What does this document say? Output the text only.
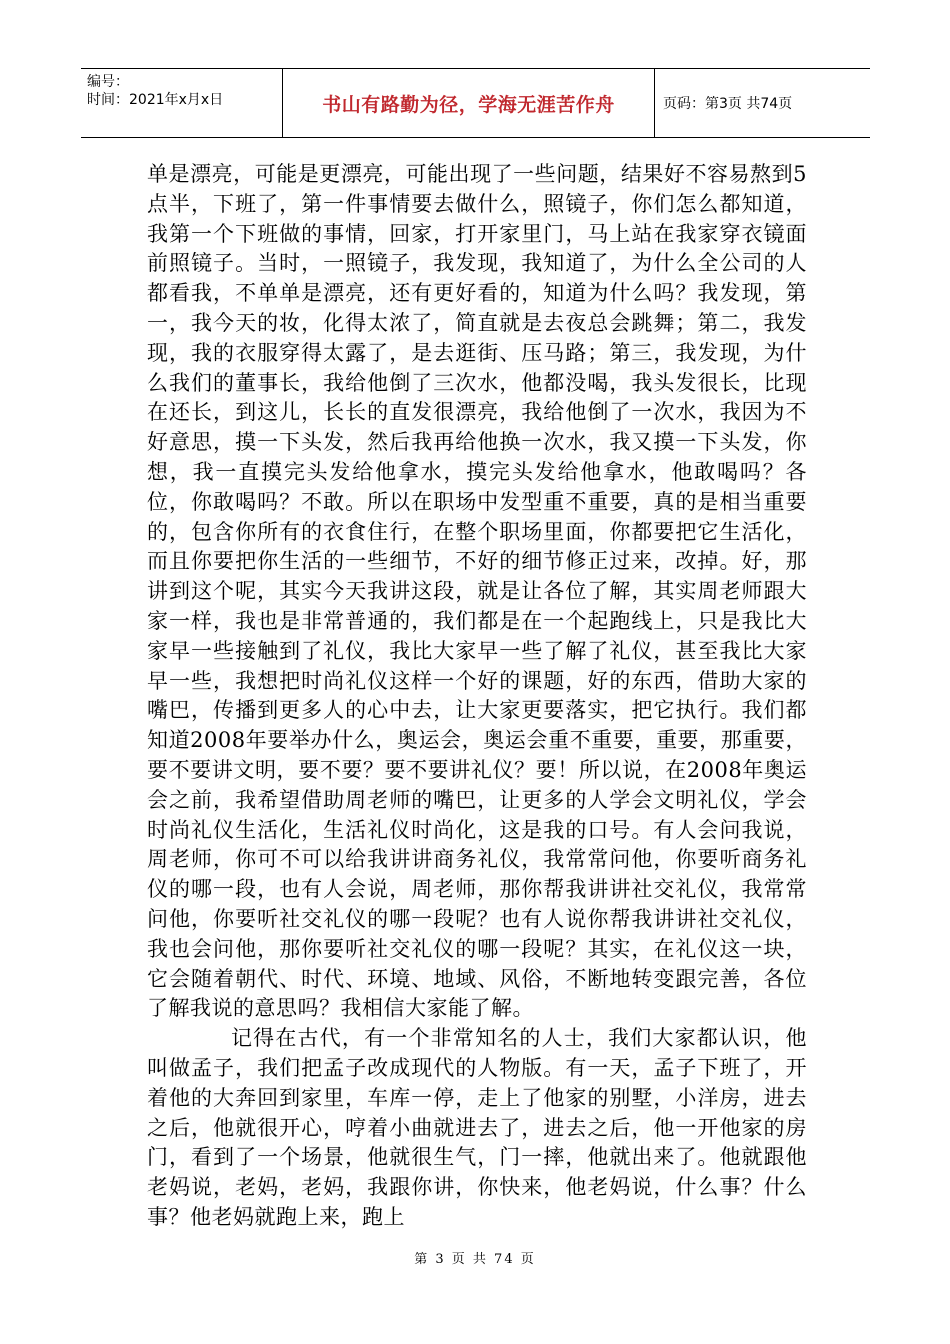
编号：
时间：2021年x月x日	书山有路勤为径，学海无涯苦作舟	页码：第3页 共74页

单是漂亮，可能是更漂亮，可能出现了一些问题，结果好不容易熬到5点半，下班了，第一件事情要去做什么，照镜子，你们怎么都知道，我第一个下班做的事情，回家，打开家里门，马上站在我家穿衣镜面前照镜子。当时，一照镜子，我发现，我知道了，为什么全公司的人都看我，不单单是漂亮，还有更好看的，知道为什么吗？我发现，第一，我今天的妆，化得太浓了，简直就是去夜总会跳舞；第二，我发现，我的衣服穿得太露了，是去逛街、压马路；第三，我发现，为什么我们的董事长，我给他倒了三次水，他都没喝，我头发很长，比现在还长，到这儿，长长的直发很漂亮，我给他倒了一次水，我因为不好意思，摸一下头发，然后我再给他换一次水，我又摸一下头发，你想，我一直摸完头发给他拿水，摸完头发给他拿水，他敢喝吗？各位，你敢喝吗？不敢。所以在职场中发型重不重要，真的是相当重要的，包含你所有的衣食住行，在整个职场里面，你都要把它生活化，而且你要把你生活的一些细节，不好的细节修正过来，改掉。好，那讲到这个呢，其实今天我讲这段，就是让各位了解，其实周老师跟大家一样，我也是非常普通的，我们都是在一个起跑线上，只是我比大家早一些接触到了礼仪，我比大家早一些了解了礼仪，甚至我比大家早一些，我想把时尚礼仪这样一个好的课题，好的东西，借助大家的嘴巴，传播到更多人的心中去，让大家更要落实，把它执行。我们都知道2008年要举办什么，奥运会，奥运会重不重要，重要，那重要，要不要讲文明，要不要？要不要讲礼仪？要！所以说，在2008年奥运会之前，我希望借助周老师的嘴巴，让更多的人学会文明礼仪，学会时尚礼仪生活化，生活礼仪时尚化，这是我的口号。有人会问我说，周老师，你可不可以给我讲讲商务礼仪，我常常问他，你要听商务礼仪的哪一段，也有人会说，周老师，那你帮我讲讲社交礼仪，我常常问他，你要听社交礼仪的哪一段呢？也有人说你帮我讲讲社交礼仪，我也会问他，那你要听社交礼仪的哪一段呢？其实，在礼仪这一块，它会随着朝代、时代、环境、地域、风俗，不断地转变跟完善，各位了解我说的意思吗？我相信大家能了解。

记得在古代，有一个非常知名的人士，我们大家都认识，他叫做孟子，我们把孟子改成现代的人物版。有一天，孟子下班了，开着他的大奔回到家里，车库一停，走上了他家的别墅，小洋房，进去之后，他就很开心，哼着小曲就进去了，进去之后，他一开他家的房门，看到了一个场景，他就很生气，门一摔，他就出来了。他就跟他老妈说，老妈，老妈，我跟你讲，你快来，他老妈说，什么事？什么事？他老妈就跑上来，跑上

第 3 页 共 74 页
